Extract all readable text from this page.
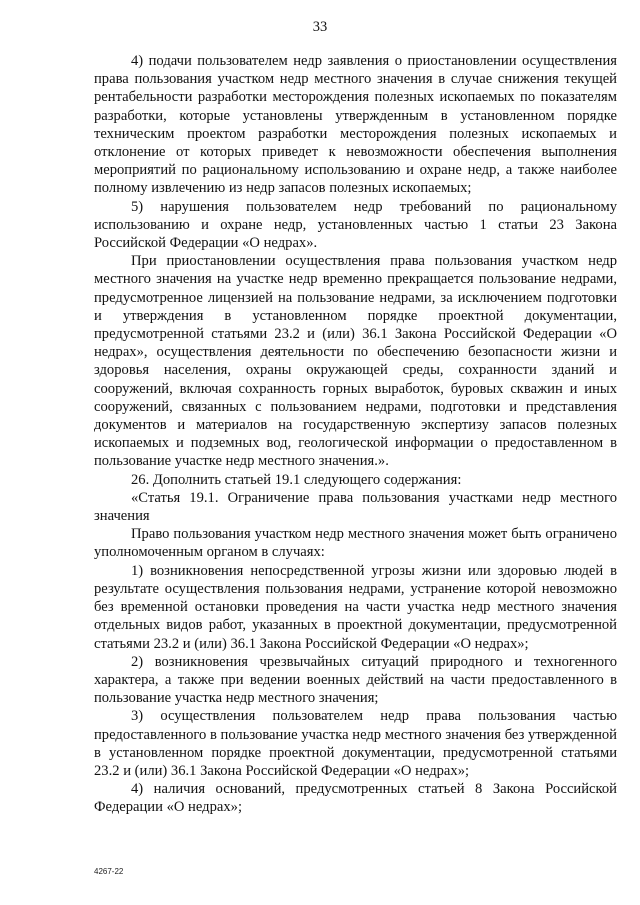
33

4) подачи пользователем недр заявления о приостановлении осуществления права пользования участком недр местного значения в случае снижения текущей рентабельности разработки месторождения полезных ископаемых по показателям разработки, которые установлены утвержденным в установленном порядке техническим проектом разработки месторождения полезных ископаемых и отклонение от которых приведет к невозможности обеспечения выполнения мероприятий по рациональному использованию и охране недр, а также наиболее полному извлечению из недр запасов полезных ископаемых;

5) нарушения пользователем недр требований по рациональному использованию и охране недр, установленных частью 1 статьи 23 Закона Российской Федерации «О недрах».

При приостановлении осуществления права пользования участком недр местного значения на участке недр временно прекращается пользование недрами, предусмотренное лицензией на пользование недрами, за исключением подготовки и утверждения в установленном порядке проектной документации, предусмотренной статьями 23.2 и (или) 36.1 Закона Российской Федерации «О недрах», осуществления деятельности по обеспечению безопасности жизни и здоровья населения, охраны окружающей среды, сохранности зданий и сооружений, включая сохранность горных выработок, буровых скважин и иных сооружений, связанных с пользованием недрами, подготовки и представления документов и материалов на государственную экспертизу запасов полезных ископаемых и подземных вод, геологической информации о предоставленном в пользование участке недр местного значения.».

26. Дополнить статьей 19.1 следующего содержания:

«Статья 19.1. Ограничение права пользования участками недр местного значения

Право пользования участком недр местного значения может быть ограничено уполномоченным органом в случаях:

1) возникновения непосредственной угрозы жизни или здоровью людей в результате осуществления пользования недрами, устранение которой невозможно без временной остановки проведения на части участка недр местного значения отдельных видов работ, указанных в проектной документации, предусмотренной статьями 23.2 и (или) 36.1 Закона Российской Федерации «О недрах»;

2) возникновения чрезвычайных ситуаций природного и техногенного характера, а также при ведении военных действий на части предоставленного в пользование участка недр местного значения;

3) осуществления пользователем недр права пользования частью предоставленного в пользование участка недр местного значения без утвержденной в установленном порядке проектной документации, предусмотренной статьями 23.2 и (или) 36.1 Закона Российской Федерации «О недрах»;

4) наличия оснований, предусмотренных статьей 8 Закона Российской Федерации «О недрах»;

4267-22
